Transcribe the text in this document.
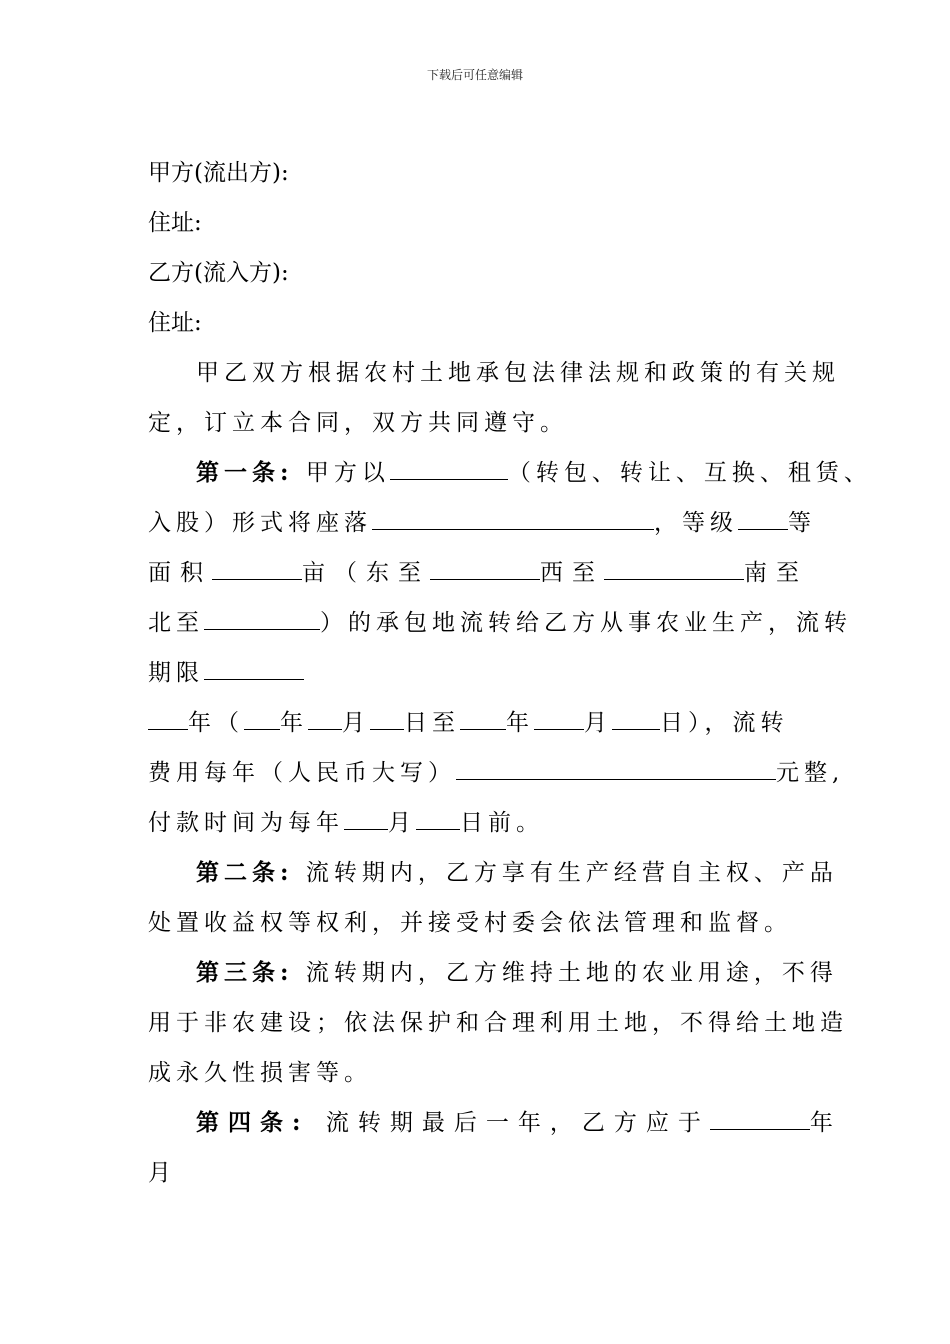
下载后可任意编辑
甲方(流出方):
住址:
乙方(流入方):
住址:
甲乙双方根据农村土地承包法律法规和政策的有关规
定，订立本合同，双方共同遵守。
第一条: 甲方以	（转包、转让、互换、租赁、
入股）形式将座落	，等级 等
面积	亩（东至	西至	南至
北至	）的承包地流转给乙方从事农业生产，流转
期限
年（ 年 月 日至 年 月 日），流转
费用每年（人民币大写）	元整,
付款时间为每年 月 日前。
第二条: 流转期内，乙方享有生产经营自主权、产品
处置收益权等权利，并接受村委会依法管理和监督。
第三条: 流转期内，乙方维持土地的农业用途，不得
用于非农建设；依法保护和合理利用土地，不得给土地造
成永久性损害等。
第四条: 流转期最后一年，乙方应于	年
月
